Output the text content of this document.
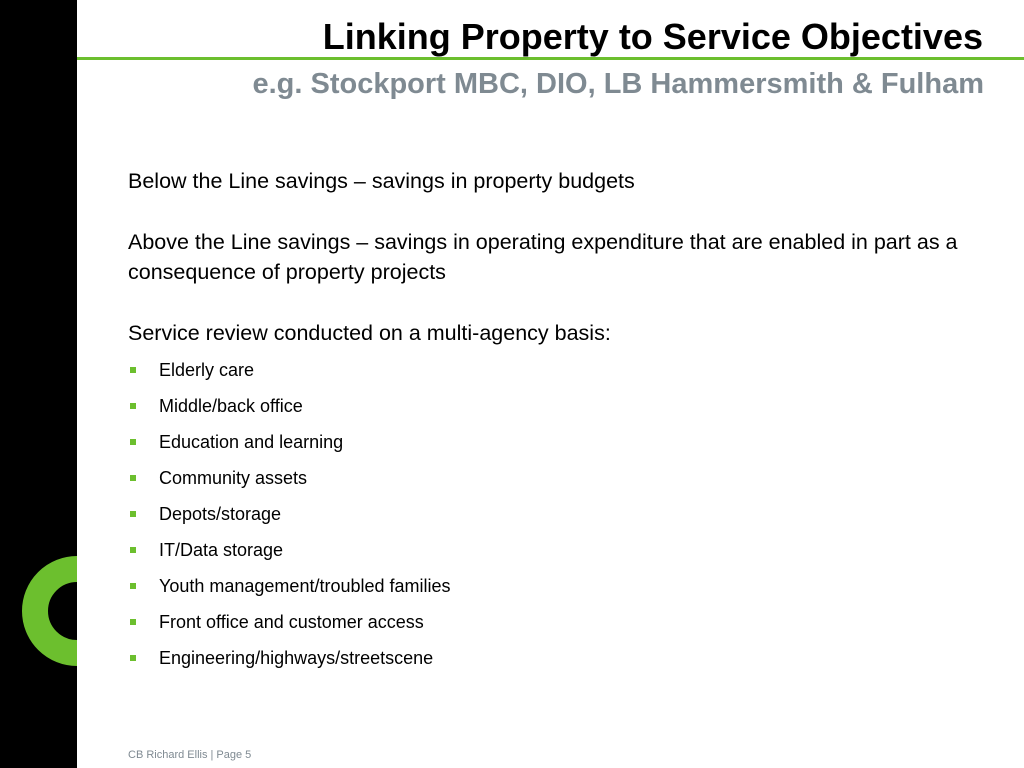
Linking Property to Service Objectives
e.g. Stockport MBC, DIO, LB Hammersmith & Fulham

Below the Line savings – savings in property budgets

Above the Line savings – savings in operating expenditure that are enabled in part as a consequence of property projects

Service review conducted on a multi-agency basis:

Elderly care
Middle/back office
Education and learning
Community assets
Depots/storage
IT/Data storage
Youth management/troubled families
Front office and customer access
Engineering/highways/streetscene
CB Richard Ellis | Page 5
